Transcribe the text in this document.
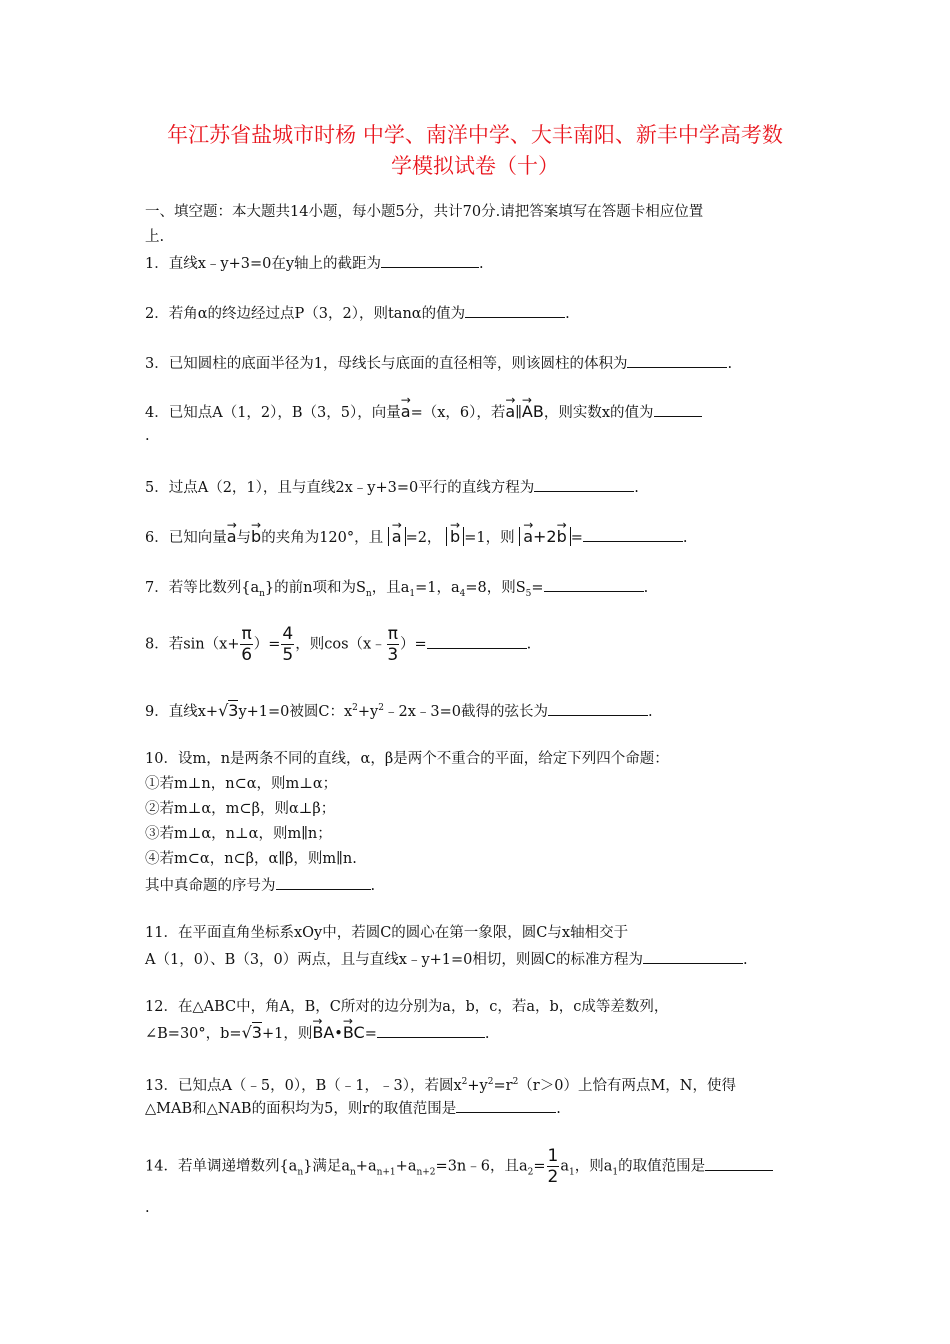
年江苏省盐城市时杨 中学、南洋中学、大丰南阳、新丰中学高考数
学模拟试卷（十）
一、填空题：本大题共14小题，每小题5分，共计70分.请把答案填写在答题卡相应位置
上.
1．直线x﹣y+3=0在y轴上的截距为	.
2．若角α的终边经过点P（3，2），则tanα的值为	.
3．已知圆柱的底面半径为1，母线长与底面的直径相等，则该圆柱的体积为	.
4．已知点A（1，2），B（3，5），向量→ a=（x，6），若→ a∥→ AB，则实数x的值为
.
5．过点A（2，1），且与直线2x﹣y+3=0平行的直线方程为	.
6．已知向量→ a与→ b的夹角为120°，且 → a =2， → b =1，则 → a+2→ b =	.
7．若等比数列$\{a_n\}$的前n项和为$S_n$，且$a_1=1$，$a_4=8$，则$S_5=$	.
8．若$\sin(x+ \frac{\pi}{6}$ ）= $\frac{4}{5}$ ，则cos（x﹣ $\frac{\pi}{3}$ ）=	.
9．直线x+√3y+1=0被圆C：$x^2+y^2﹣2x﹣3=0$截得的弦长为	.
10．设m，n是两条不同的直线，α，β是两个不重合的平面，给定下列四个命题：
①若m⊥n，n⊂α，则m⊥α；
②若m⊥α，m⊂β，则α⊥β；
③若m⊥α，n⊥α，则m∥n；
④若m⊂α，n⊂β，α∥β，则m∥n.
其中真命题的序号为	.
11．在平面直角坐标系xOy中，若圆C的圆心在第一象限，圆C与x轴相交于
A（1，0）、B（3，0）两点，且与直线x﹣y+1=0相切，则圆C的标准方程为	.
12．在△ABC中，角A，B，C所对的边分别为a，b，c，若a，b，c成等差数列，
∠B=30°，b=√3+1，则→ BA•→ BC=	.
13．已知点A（﹣5，0），B（﹣1，﹣3），若圆$x^2+y^2=r^2(r>0)$上恰有两点M，N，使得
△MAB和△NAB的面积均为5，则r的取值范围是	.
14．若单调递增数列$\{a_n\}$满足$a_n+a_{n+1}+a_{n+2}=3n﹣6$，且$a_2= \frac{1}{2} a_1$，则$a_1$的取值范围是
.
